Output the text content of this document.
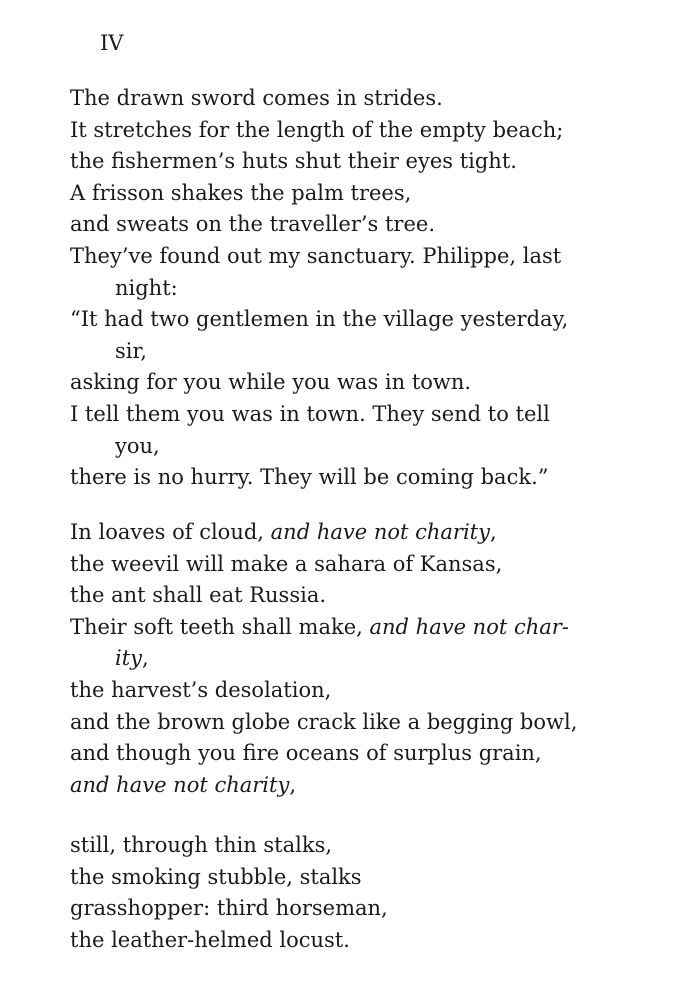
IV
The drawn sword comes in strides.
It stretches for the length of the empty beach;
the fishermen’s huts shut their eyes tight.
A frisson shakes the palm trees,
and sweats on the traveller’s tree.
They’ve found out my sanctuary. Philippe, last
night:
“It had two gentlemen in the village yesterday,
sir,
asking for you while you was in town.
I tell them you was in town. They send to tell
you,
there is no hurry. They will be coming back.”
In loaves of cloud, and have not charity,
the weevil will make a sahara of Kansas,
the ant shall eat Russia.
Their soft teeth shall make, and have not char-
ity,
the harvest’s desolation,
and the brown globe crack like a begging bowl,
and though you fire oceans of surplus grain,
and have not charity,
still, through thin stalks,
the smoking stubble, stalks
grasshopper: third horseman,
the leather-helmed locust.
